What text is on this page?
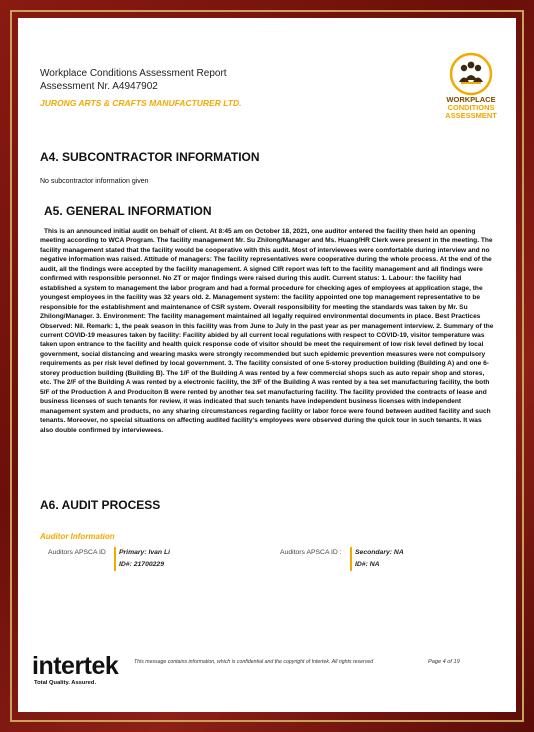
Workplace Conditions Assessment Report
Assessment Nr. A4947902
JURONG ARTS & CRAFTS MANUFACTURER LTD.	WORKPLACE
CONDITIONS
ASSESSMENT
A4. SUBCONTRACTOR INFORMATION
No subcontractor information given
A5. GENERAL INFORMATION

This is an announced initial audit on behalf of client. At 8:45 am on October 18, 2021, one auditor entered the facility then held an opening meeting according to WCA Program. The facility management Mr. Su Zhilong/Manager and Ms. Huang/HR Clerk were present in the meeting. The facility management stated that the facility would be cooperative with this audit. Most of interviewees were comfortable during interview and no negative information was raised. Attitude of managers: The facility representatives were cooperative during the whole process. At the end of the audit, all the findings were accepted by the facility management. A signed CIR report was left to the facility management and all findings were confirmed with responsible personnel. No ZT or major findings were raised during this audit. Current status: 1. Labour: the facility had established a system to management the labor program and had a formal procedure for checking ages of employees at application stage, the youngest employees in the facility was 32 years old. 2. Management system: the facility appointed one top management representative to be responsible for the establishment and maintenance of CSR system. Overall responsibility for meeting the standards was taken by Mr. Su Zhilong/Manager. 3. Environment: The facility management maintained all legally required environmental documents in place. Best Practices Observed: Nil. Remark: 1, the peak season in this facility was from June to July in the past year as per management interview. 2. Summary of the current COVID-19 measures taken by facility: Facility abided by all current local regulations with respect to COVID-19, visitor temperature was taken upon entrance to the facility and health quick response code of visitor should be meet the requirement of low risk level defined by local government, social distancing and wearing masks were strongly recommended but such epidemic prevention measures were not compulsory requirements as per risk level defined by local government. 3. The facility consisted of one 5-storey production building (Building A) and one 6-storey production building (Building B). The 1/F of the Building A was rented by a few commercial shops such as auto repair shop and stores, etc. The 2/F of the Building A was rented by a electronic facility, the 3/F of the Building A was rented by a tea set manufacturing facility, the both 5/F of the Production A and Producíton B were rented by another tea set manufacturing facility. The facility provided the contracts of lease and business licenses of such tenants for review, it was indicated that such tenants have independent business licenses with independent management system and products, no any sharing circumstances regarding facility or labor force were found between audited facility and such tenants. Moreover, no special situations on affecting audited facility's employees were observed during the quick tour in such tenants. It was also double confirmed by interviewees.

A6. AUDIT PROCESS
Auditor Information
Auditors APSCA ID Primary: Ivan Li
ID#: 21700229
Auditors APSCA ID : Secondary: NA
ID#: NA
intertek
Total Quality. Assured.
This message contains information, which is confidential and the copyright of Intertek. All rights reserved	Page 4 of 19
